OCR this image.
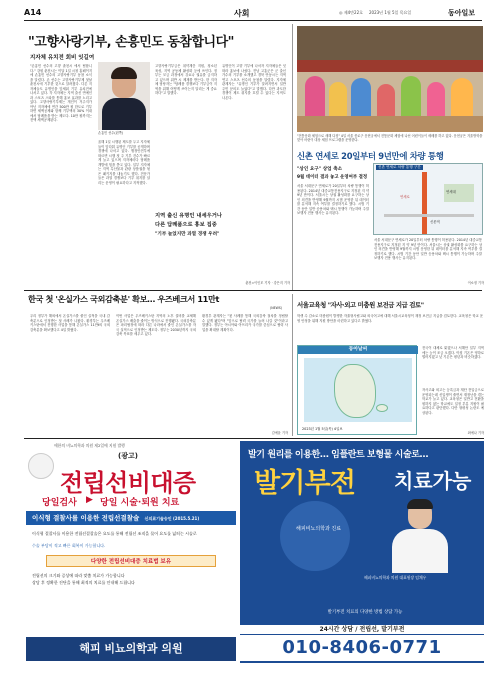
A14	사회	◎ 제4만22호 2023년 1월 5일 목요일	동아일보
"고향사랑기부, 손흥민도 동참합니다"
지자체 유치전 회비 잇길여
"손흥민 선수의 고향 춘천시 에서 팀합니다." 강원 춘천시는 이달 1일 시청 홈페이지에 손흥민 선수의 고향사랑기부 동참 소식을 알렸다. 손 선수는 고향사랑기부제 첫날 춘천시에 기부한 것으로 알려졌다. 다른 지자체들도 유명인을 앞세워 기부 유치전에 나서고 있다. 각 지자체는 지역 출신 연예인과 스포츠 스타를 통해 홍보 효과를 노리고 있다. 고향사랑기부제는 개인이 거주지가 아닌 지자체에 연간 500만 원 한도로 기부하면 세액공제와 함께 기부액의 30% 이내에서 답례품을 받는 제도다. 10만 원까지는 전액 세액공제된다.
손흥민 선수(왼쪽)
올해 1일 시행된 제도를 두고 지자체들이 앞다퉈 유명인 기부를 공개하며 경쟁에 나서고 있다. 행정안전부에 따르면 시행 첫 주 기부 건수가 빠르게 늘고 있으며 지자체마다 답례품 개발에 힘을 쏟고 있다. 일부 지자체는 지역 특산물과 관광 상품권을 묶은 패키지를 내놓기도 했다. 전문가들은 과열 경쟁보다 기부 취지를 살리는 운영이 필요하다고 지적했다.
고향사랑기부금은 취약계층 지원, 청소년 육성, 지역 공동체 활성화 등에 쓰인다. 정부는 모금 과정에서 강요나 권유를 금지하고 있으며 위반 시 제재를 받는다. 한 지자체 담당자는 "답례품 경쟁보다 기부금이 지역을 위해 어떻게 쓰이는지 알리는 게 중요하다"고 말했다.
지역 출신 유명인 내세우거나
다른 답례품으로 홍보 집중
"기부 늘었지만 과열 경쟁 우려"
유명인이 고향 기부에 나서자 지자체들은 잇따라 홍보에 나섰다. 전남 고흥군은 군 출신 가수의 기부를 소개했고 경북 안동시는 지역 연고 스포츠 선수의 동참을 알렸다. 지자체 관계자는 "유명인 기부가 알려지면서 일반 주민 문의도 늘었다"고 말했다. 다만 과도한 경쟁이 제도 취지를 흐릴 수 있다는 지적도 나온다.
춘천=이인모 기자 · 강은지 기자
"전통문화 체험으로 새해 다짐" 4일 서울 종로구 운현궁에서 전통문화 체험에 나선 어린이들이 세배를 하고 있다. 운현궁은 겨울방학을 맞아 어린이 대상 체험 프로그램을 운영한다.
신촌 연세로 20일부터 9년만에 차량 통행
"상인 요구" 상업 축소
9월 데이터 결과 놓고 운영여부 결정
신촌 연세로 차량 통행 구간
연세대
신촌역
연세로
서울 서대문구 연세로가 20일부터 차량 통행이 허용된다. 2014년 대중교통전용지구로 지정된 지 약 9년 만이다. 서울시는 상권 활성화를 요구하는 상인 의견을 반영해 9월까지 시범 운영한 뒤 데이터를 분석해 지속 여부를 결정하기로 했다. 시범 기간 동안 일반 승용차와 택시 통행이 가능하며 주말 보행자 전용 행사는 유지된다.
서울 서대문구 연세로가 20일부터 차량 통행이 허용된다. 2014년 대중교통전용지구로 지정된 지 약 9년 만이다. 서울시는 상권 활성화를 요구하는 상인 의견을 반영해 9월까지 시범 운영한 뒤 데이터를 분석해 지속 여부를 결정하기로 했다. 시범 기간 동안 일반 승용차와 택시 통행이 가능하며 주말 보행자 전용 행사는 유지된다.
이소정 기자
한국 첫 '온실가스 국외감축분' 확보… 우즈베크서 11만t
(NEWS)
우리 정부가 해외에서 온실가스를 줄인 실적을 국내 감축분으로 인정받는 첫 사례가 나왔다. 환경부는 우즈베키스탄에서 진행한 사업을 통해 온실가스 11만t의 국외감축분을 확보했다고 4일 밝혔다.
이번 사업은 우즈베키스탄 지역의 노후 설비를 교체해 온실가스 배출을 줄이는 방식으로 진행됐다. 국외감축분은 파리협정에 따라 다른 나라에서 줄인 온실가스를 자국 실적으로 인정받는 제도다. 정부는 2030년까지 국외감축 목표를 세우고 있다.
환경부 관계자는 "첫 사례를 통해 국외감축 절차를 정립할 수 있게 됐다"며 "앞으로 협력 국가를 늘려 나갈 것"이라고 말했다. 정부는 아시아와 아프리카 국가를 중심으로 협력 사업을 확대할 계획이다.
김예윤 기자
서울교육청 "자사·외고 미충원 보전금 지급 검토"
학생 수 감소로 미충원이 발생한 자율형사립고와 외국어고에 대해 서울시교육청이 재정 보전금 지급을 검토한다. 교육청은 학교 운영 안정을 위해 지원 방안을 마련하고 있다고 밝혔다.
동아날씨
2023년 1월 5일(목) 4일보
전국이 대체로 맑겠으나 서해안 일부 지역에는 눈이 조금 오겠다. 아침 기온은 영하로 떨어지겠고 낮 기온은 평년과 비슷하겠다.
자사고와 외고는 등록금과 재단 전입금으로 운영되는데 신입생이 줄면서 재정난을 겪는 학교가 늘고 있다. 교육청은 일반고 전환을 원하지 않는 학교에도 일정 부분 지원이 필요하다고 판단했다. 다만 형평성 논란도 예상된다.
최예나 기자
애한의 비뇨의학과 의원 제2일에 지원 발행
(광고)
전립선비대증
당일검사 ▶ 당일 시술·퇴원 치료
이식형 결찰사를 이용한 전립선결찰술 신의료기술승인 (2015.5.21)
이식형 결찰사를 이용한 전립선결찰술은 요도를 통해 전립선 조직을 묶어 요도를 넓히는 시술로
수술 부담이 적고 빠른 회복이 가능합니다.
다양한 전립선비대증 치료법 보유
전립선의 크기와 증상에 따라 맞춤 치료가 가능합니다
상담 후 정확한 진단을 통해 최적의 치료를 안내해 드립니다
해피 비뇨의학과 의원
발기 원리를 이용한… 임플란트 보형물 시술로…
발기부전 치료가능
해피비뇨의학과 진료
해피비뇨의학과 의원 대표원장 임채우
발기부전 치료의 다양한 방법 상담 가능
24시간 상담 / 전립선, 발기부전
010-8406-0771
